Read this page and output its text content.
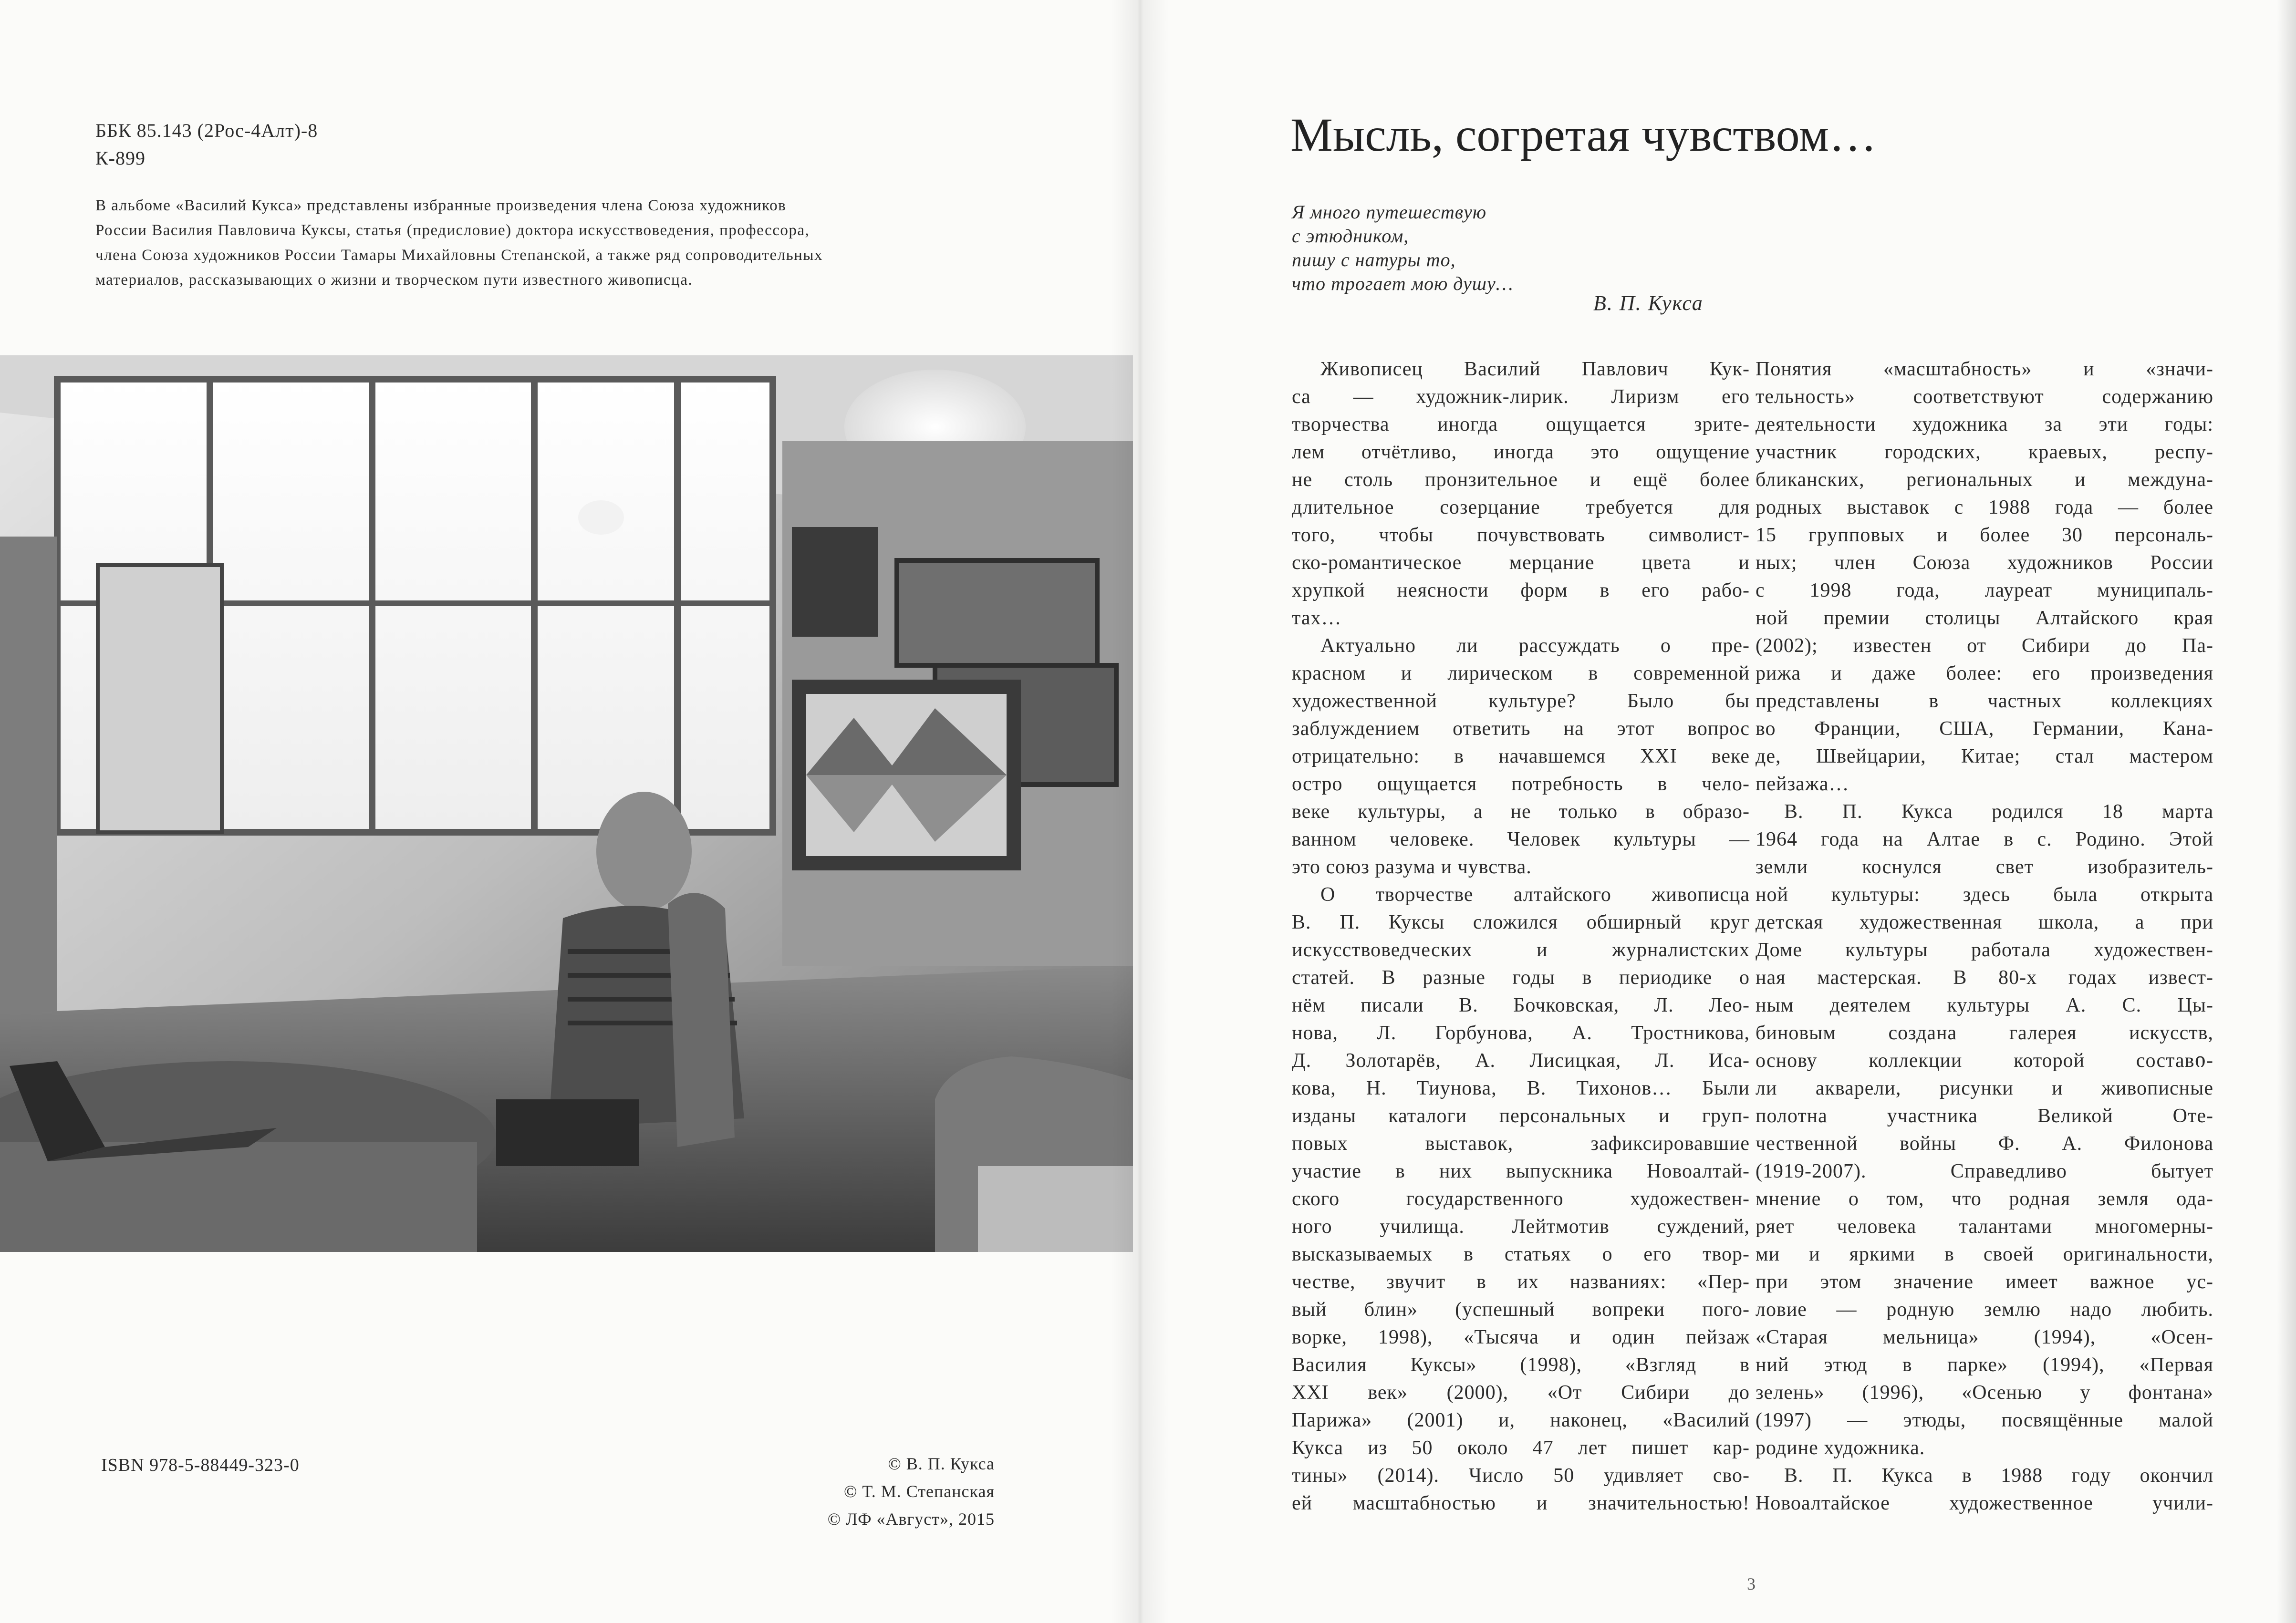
ББК 85.143 (2Рос-4Алт)-8
К-899
В альбоме «Василий Кукса» представлены избранные произведения члена Союза художников
России Василия Павловича Куксы, статья (предисловие) доктора искусствоведения, профессора,
члена Союза художников России Тамары Михайловны Степанской, а также ряд сопроводительных
материалов, рассказывающих о жизни и творческом пути известного живописца.
ISBN 978-5-88449-323-0	© В. П. Кукса
© Т. М. Степанская
© ЛФ «Август», 2015
Мысль, согретая чувством…
Я много путешествую
с этюдником,
пишу с натуры то,
что трогает мою душу…
В. П. Кукса
Живописец Василий Павлович Кук-
са — художник-лирик. Лиризм его
творчества иногда ощущается зрите-
лем отчётливо, иногда это ощущение
не столь пронзительное и ещё более
длительное созерцание требуется для
того, чтобы почувствовать символист-
ско-романтическое мерцание цвета и
хрупкой неясности форм в его рабо-
тах…
Актуально ли рассуждать о пре-
красном и лирическом в современной
художественной культуре? Было бы
заблуждением ответить на этот вопрос
отрицательно: в начавшемся XXI веке
остро ощущается потребность в чело-
веке культуры, а не только в образо-
ванном человеке. Человек культуры —
это союз разума и чувства.
О творчестве алтайского живописца
В. П. Куксы сложился обширный круг
искусствоведческих и журналистских
статей. В разные годы в периодике о
нём писали В. Бочковская, Л. Лео-
нова, Л. Горбунова, А. Тростникова,
Д. Золотарёв, А. Лисицкая, Л. Иса-
кова, Н. Тиунова, В. Тихонов… Были
изданы каталоги персональных и груп-
повых выставок, зафиксировавшие
участие в них выпускника Новоалтай-
ского государственного художествен-
ного училища. Лейтмотив суждений,
высказываемых в статьях о его твор-
честве, звучит в их названиях: «Пер-
вый блин» (успешный вопреки пого-
ворке, 1998), «Тысяча и один пейзаж
Василия Куксы» (1998), «Взгляд в
XXI век» (2000), «От Сибири до
Парижа» (2001) и, наконец, «Василий
Кукса из 50 около 47 лет пишет кар-
тины» (2014). Число 50 удивляет сво-
ей масштабностью и значительностью!
Понятия «масштабность» и «значи-
тельность» соответствуют содержанию
деятельности художника за эти годы:
участник городских, краевых, респу-
бликанских, региональных и междуна-
родных выставок с 1988 года — более
15 групповых и более 30 персональ-
ных; член Союза художников России
с 1998 года, лауреат муниципаль-
ной премии столицы Алтайского края
(2002); известен от Сибири до Па-
рижа и даже более: его произведения
представлены в частных коллекциях
во Франции, США, Германии, Кана-
де, Швейцарии, Китае; стал мастером
пейзажа…
В. П. Кукса родился 18 марта
1964 года на Алтае в с. Родино. Этой
земли коснулся свет изобразитель-
ной культуры: здесь была открыта
детская художественная школа, а при
Доме культуры работала художествен-
ная мастерская. В 80-х годах извест-
ным деятелем культуры А. С. Цы-
биновым создана галерея искусств,
основу коллекции которой составი-
ли акварели, рисунки и живописные
полотна участника Великой Оте-
чественной войны Ф. А. Филонова
(1919-2007). Справедливо бытует
мнение о том, что родная земля ода-
ряет человека талантами многомерны-
ми и яркими в своей оригинальности,
при этом значение имеет важное ус-
ловие — родную землю надо любить.
«Старая мельница» (1994), «Осен-
ний этюд в парке» (1994), «Первая
зелень» (1996), «Осенью у фонтана»
(1997) — этюды, посвящённые малой
родине художника.
В. П. Кукса в 1988 году окончил
Новоалтайское художественное учили-
3
